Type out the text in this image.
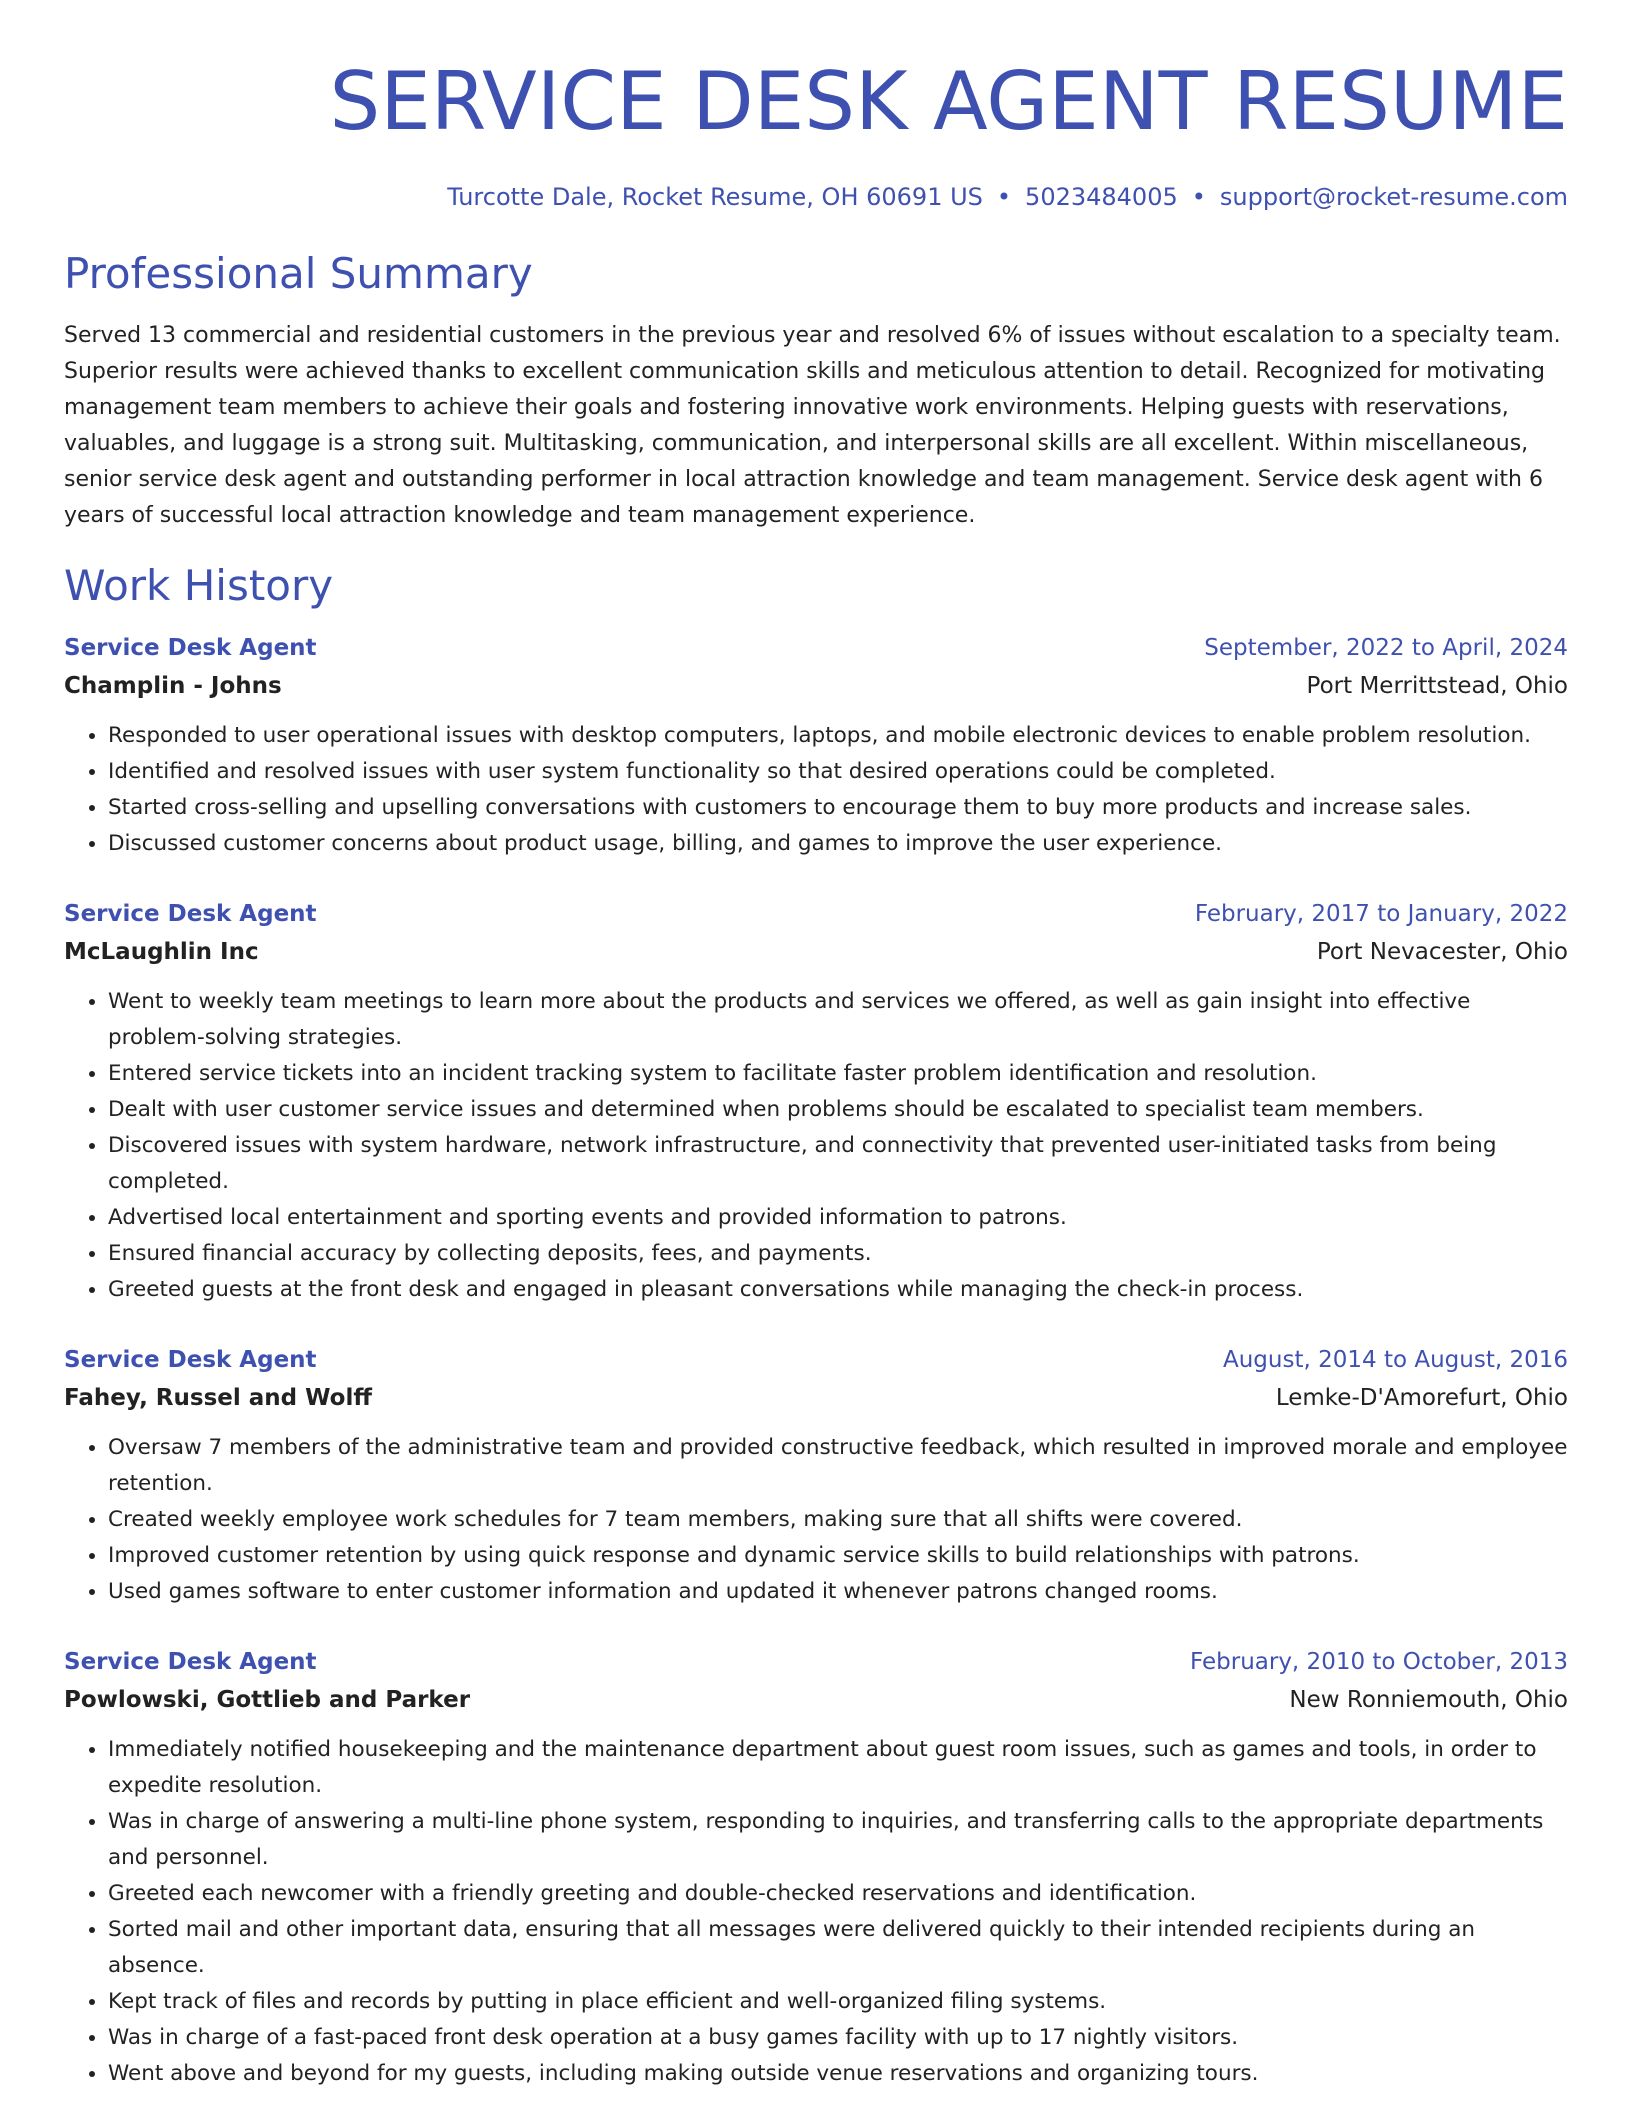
SERVICE DESK AGENT RESUME
Turcotte Dale, Rocket Resume, OH 60691 US • 5023484005 • support@rocket-resume.com
Professional Summary

Served 13 commercial and residential customers in the previous year and resolved 6% of issues without escalation to a specialty team. Superior results were achieved thanks to excellent communication skills and meticulous attention to detail. Recognized for motivating management team members to achieve their goals and fostering innovative work environments. Helping guests with reservations, valuables, and luggage is a strong suit. Multitasking, communication, and interpersonal skills are all excellent. Within miscellaneous, senior service desk agent and outstanding performer in local attraction knowledge and team management. Service desk agent with 6 years of successful local attraction knowledge and team management experience.

Work History
Service Desk Agent	September, 2022 to April, 2024
Champlin - Johns	Port Merrittstead, Ohio
• Responded to user operational issues with desktop computers, laptops, and mobile electronic devices to enable problem resolution.
• Identified and resolved issues with user system functionality so that desired operations could be completed.
• Started cross-selling and upselling conversations with customers to encourage them to buy more products and increase sales.
• Discussed customer concerns about product usage, billing, and games to improve the user experience.
Service Desk Agent	February, 2017 to January, 2022
McLaughlin Inc	Port Nevacester, Ohio
• Went to weekly team meetings to learn more about the products and services we offered, as well as gain insight into effective problem-solving strategies.
• Entered service tickets into an incident tracking system to facilitate faster problem identification and resolution.
• Dealt with user customer service issues and determined when problems should be escalated to specialist team members.
• Discovered issues with system hardware, network infrastructure, and connectivity that prevented user-initiated tasks from being completed.
• Advertised local entertainment and sporting events and provided information to patrons.
• Ensured financial accuracy by collecting deposits, fees, and payments.
• Greeted guests at the front desk and engaged in pleasant conversations while managing the check-in process.
Service Desk Agent	August, 2014 to August, 2016
Fahey, Russel and Wolff	Lemke-D'Amorefurt, Ohio
• Oversaw 7 members of the administrative team and provided constructive feedback, which resulted in improved morale and employee retention.
• Created weekly employee work schedules for 7 team members, making sure that all shifts were covered.
• Improved customer retention by using quick response and dynamic service skills to build relationships with patrons.
• Used games software to enter customer information and updated it whenever patrons changed rooms.
Service Desk Agent	February, 2010 to October, 2013
Powlowski, Gottlieb and Parker	New Ronniemouth, Ohio
• Immediately notified housekeeping and the maintenance department about guest room issues, such as games and tools, in order to expedite resolution.
• Was in charge of answering a multi-line phone system, responding to inquiries, and transferring calls to the appropriate departments and personnel.
• Greeted each newcomer with a friendly greeting and double-checked reservations and identification.
• Sorted mail and other important data, ensuring that all messages were delivered quickly to their intended recipients during an absence.
• Kept track of files and records by putting in place efficient and well-organized filing systems.
• Was in charge of a fast-paced front desk operation at a busy games facility with up to 17 nightly visitors.
• Went above and beyond for my guests, including making outside venue reservations and organizing tours.
